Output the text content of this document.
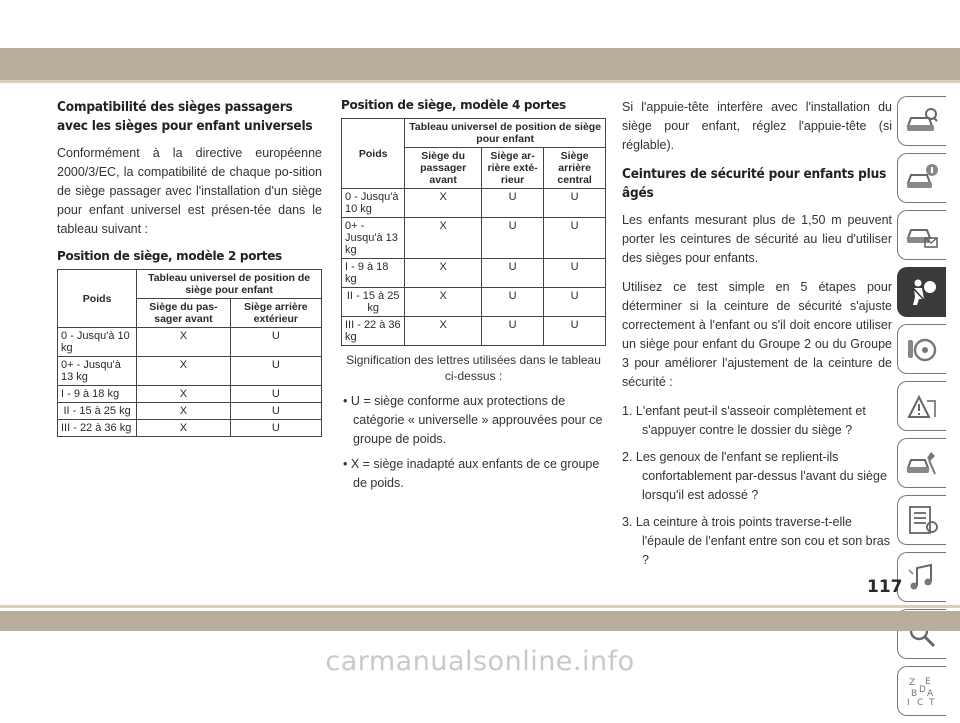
Compatibilité des sièges passagers avec les sièges pour enfant universels

Conformément à la directive européenne 2000/3/EC, la compatibilité de chaque po-sition de siège passager avec l'installation d'un siège pour enfant universel est présen-tée dans le tableau suivant :

Position de siège, modèle 2 portes
Poids	Tableau universel de position de siège pour enfant	
	Siège du pas-sager avant	Siège arrière extérieur
0 - Jusqu'à 10 kg	X	U
0+ - Jusqu'à 13 kg	X	U
I - 9 à 18 kg	X	U
II - 15 à 25 kg	X	U
III - 22 à 36 kg	X	U
Position de siège, modèle 4 portes
Poids	Tableau universel de position de siège pour enfant		
	Siège du passager avant	Siège ar-rière exté-rieur	Siège arrière central
0 - Jusqu'à 10 kg	X	U	U
0+ - Jusqu'à 13 kg	X	U	U
I - 9 à 18 kg	X	U	U
II - 15 à 25 kg	X	U	U
III - 22 à 36 kg	X	U	U
Signification des lettres utilisées dans le tableau ci-dessus :
• U = siège conforme aux protections de catégorie « universelle » approuvées pour ce groupe de poids.
• X = siège inadapté aux enfants de ce groupe de poids.

Si l'appuie-tête interfère avec l'installation du siège pour enfant, réglez l'appuie-tête (si réglable).

Ceintures de sécurité pour enfants plus âgés

Les enfants mesurant plus de 1,50 m peuvent porter les ceintures de sécurité au lieu d'utiliser des sièges pour enfants.

Utilisez ce test simple en 5 étapes pour déterminer si la ceinture de sécurité s'ajuste correctement à l'enfant ou s'il doit encore utiliser un siège pour enfant du Groupe 2 ou du Groupe 3 pour améliorer l'ajustement de la ceinture de sécurité :

1. L'enfant peut-il s'asseoir complètement et s'appuyer contre le dossier du siège ?
2. Les genoux de l'enfant se replient-ils confortablement par-dessus l'avant du siège lorsqu'il est adossé ?
3. La ceinture à trois points traverse-t-elle l'épaule de l'enfant entre son cou et son bras ?
Z E
B A
C
I T
D
117
carmanualsonline.info
